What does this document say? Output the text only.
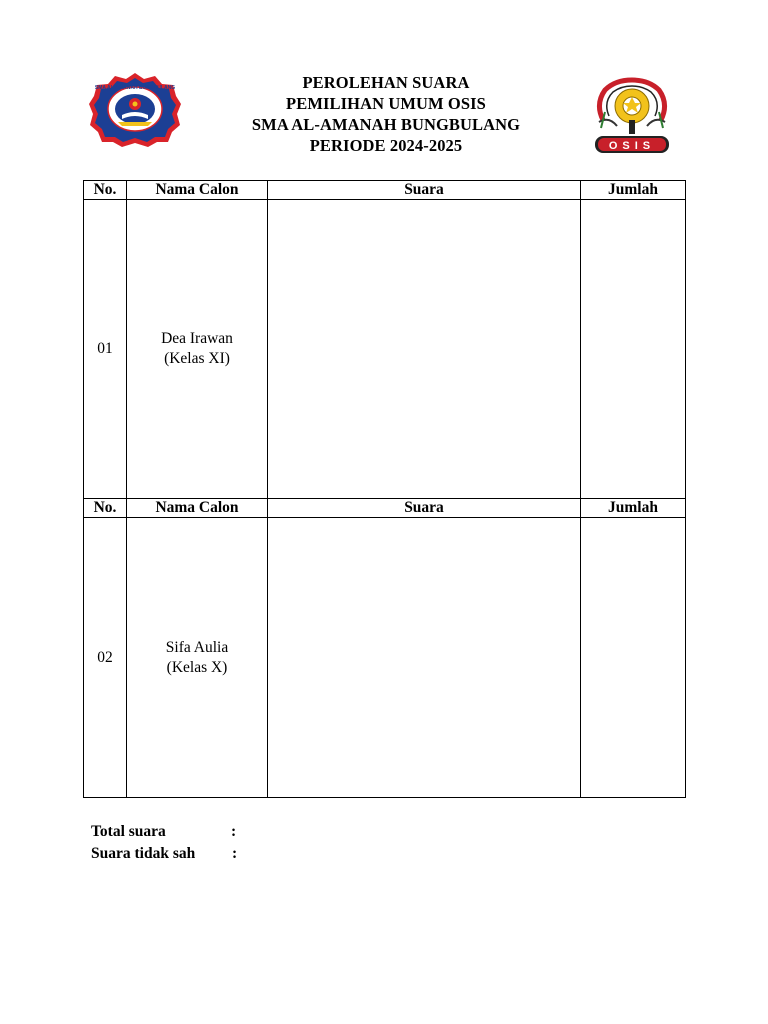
SMA AL-AMANAH BUNGBULANG	PEROLEHAN SUARA
PEMILIHAN UMUM OSIS
SMA AL-AMANAH BUNGBULANG
PERIODE 2024-2025	OSIS
No.	Nama Calon	Suara	Jumlah
01	Dea Irawan
(Kelas XI)		

No.	Nama Calon	Suara	Jumlah
02	Sifa Aulia
(Kelas X)		

Total suara	:
Suara tidak sah	:
